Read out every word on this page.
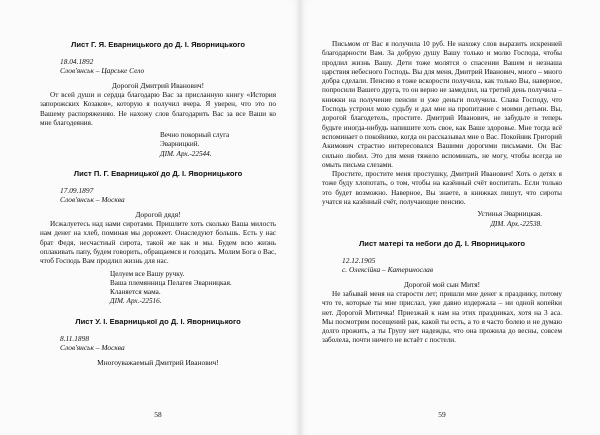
Лист Г. Я. Еварницького до Д. І. Яворницького

18.04.1892
Слов'янськ – Царське Село

Дорогой Дмитрий Иванович!

От всей души и сердца благодарю Вас за присланную книгу «История запорожских Козаков», которую я получил вчера. Я уверен, что это по Вашему распоряжению. Не нахожу слов благодарить Вас за все Ваши ко мне благодеяния.

Вечно покорный слуга

Эварницкий.

ДІМ. Арх.-22544.

Лист П. Г. Еварницької до Д. І. Яворницького

17.09.1897
Слов'янськ – Москва

Дорогой дядя!

Исжалуетесь над нами сиротами. Пришлите хоть сколько Ваша милость нам денег на хлеб, поминая мы дорожеет. Онаследуют большь. Есть у нас брат Федя, несчастный сирота, такой же как и мы. Будем всю жизнь оплакивать папу, будем говорить, обращаемся и голодать. Молим Бога о Вас, чтоб Господь Вам продлил жизнь для нас.

Целуем все Вашу ручку.

Ваша племянница Пелагея Эварницкая.

Кланяется мама.

ДІМ. Арх.-22516.

Лист У. І. Еварницької до Д. І. Яворницького

8.11.1898
Слов'янськ – Москва

Многоуважаемый Дмитрий Иванович!

58

Письмом от Вас я получила 10 руб. Не нахожу слов выразить искренней благодарности Вам. За добрую душу Вашу только и молю Господа, чтобы продлил жизнь Вашу. Дети тоже молятся о спасении Вашем и незнаша царствия небесного Господь. Вы для меня, Дмитрий Иванович, много – много добра сделали. Пенсию я тоже вскорости получила, как только Вы, наверное, попросили Вашего друга, то он верно не замедлил, на третий день получила – книжки на получение пенсии и уже деньги получила. Слава Господу, что Господь устроил мою судьбу и дал мне на пропитание с моими детьми. Вы, дорогой благодетель, простите. Дмитрий Иванович, не забудьте и теперь будьте иногда-нибудь напишите хоть свое, как Ваше здоровье. Мне тогда всё вспоминает о покойнике, когда он рассказывал мне о Вас. Покойник Григорий Акимович страстно интересовался Вашими дорогими письмами. Он Вас сильно любил. Это для меня тяжело вспоминать, не могу, чтобы всегда не омыть письма слезами.

Простите, простите меня простушку, Дмитрий Иванович! Хоть о детях я тоже буду хлопотать, о том, чтобы на казённый счёт воспитать. Если только это будет возможно. Наверное, Вы знаете, в книжках пишут, что сироты учатся на казённый счёт, получающие пенсию.

Устинья Эварницкая.

ДІМ. Арх.-22538.

Лист матері та небоги до Д. І. Яворницького

12.12.1905
с. Олексійка – Катеринослав

Дорогой мой сын Митя!

Не забывай меня на старости лет; пришли мне денег к празднику, потому что те, которые ты мне прислал, уже давно издержала – ни одной копейки нет. Дорогой Митичка! Приезжай к нам на этих праздниках, хотя на 3 аса. Мы посмотрим посещений рак, какой ты есть, а то я часто болею и не думаю долго прожить, а ты Групу нет надежды, что она прожила до весны, совсем заболела, почти ничего не встаёт с постели.

59
